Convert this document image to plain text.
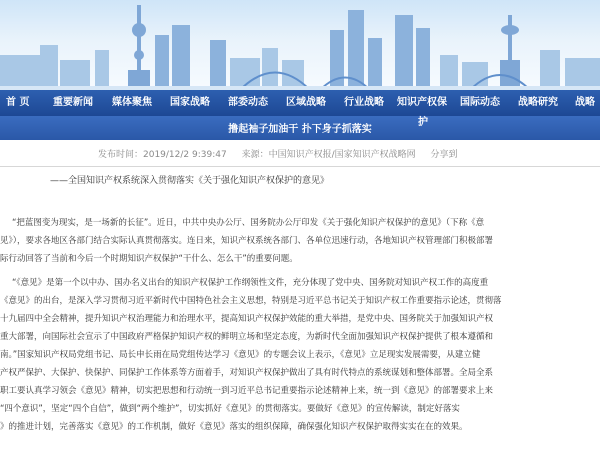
首 页 重要新闻 媒体聚焦 国家战略 部委动态 区域战略 行业战略 知识产权保 国际动态 战略研究 战略
护
撸起袖子加油干 扑下身子抓落实
发布时间：2019/12/2 9:39:47 来源：中国知识产权报/国家知识产权战略网 分享到
——全国知识产权系统深入贯彻落实《关于强化知识产权保护的意见》
“把蓝图变为现实，是一场新的长征”。近日，中共中央办公厅、国务院办公厅印发《关于强化知识产权保护的意见》（下称《意
见》），要求各地区各部门结合实际认真贯彻落实。连日来，知识产权系统各部门、各单位迅速行动，各地知识产权管理部门积极部署
际行动回答了当前和今后一个时期知识产权保护“干什么、怎么干”的重要问题。
“《意见》是第一个以中办、国办名义出台的知识产权保护工作纲领性文件，充分体现了党中央、国务院对知识产权工作的高度重
《意见》的出台，是深入学习贯彻习近平新时代中国特色社会主义思想，特别是习近平总书记关于知识产权工作重要指示论述，贯彻落
十九届四中全会精神，提升知识产权治理能力和治理水平，提高知识产权保护效能的重大举措，是党中央、国务院关于加强知识产权
重大部署，向国际社会宣示了中国政府严格保护知识产权的鲜明立场和坚定态度，为新时代全面加强知识产权保护提供了根本遵循和
南。”国家知识产权局党组书记、局长申长雨在局党组传达学习《意见》的专题会议上表示，《意见》立足现实发展需要，从建立健
产权严保护、大保护、快保护、同保护工作体系等方面着手，对知识产权保护做出了具有时代特点的系统谋划和整体部署。全局全系
职工要认真学习领会《意见》精神，切实把思想和行动统一到习近平总书记重要指示论述精神上来，统一到《意见》的部署要求上来
“四个意识”，坚定“四个自信”，做到“两个维护”，切实抓好《意见》的贯彻落实。要做好《意见》的宣传解读，制定好落实
》的推进计划，完善落实《意见》的工作机制，做好《意见》落实的组织保障，确保强化知识产权保护取得实实在在的效果。
